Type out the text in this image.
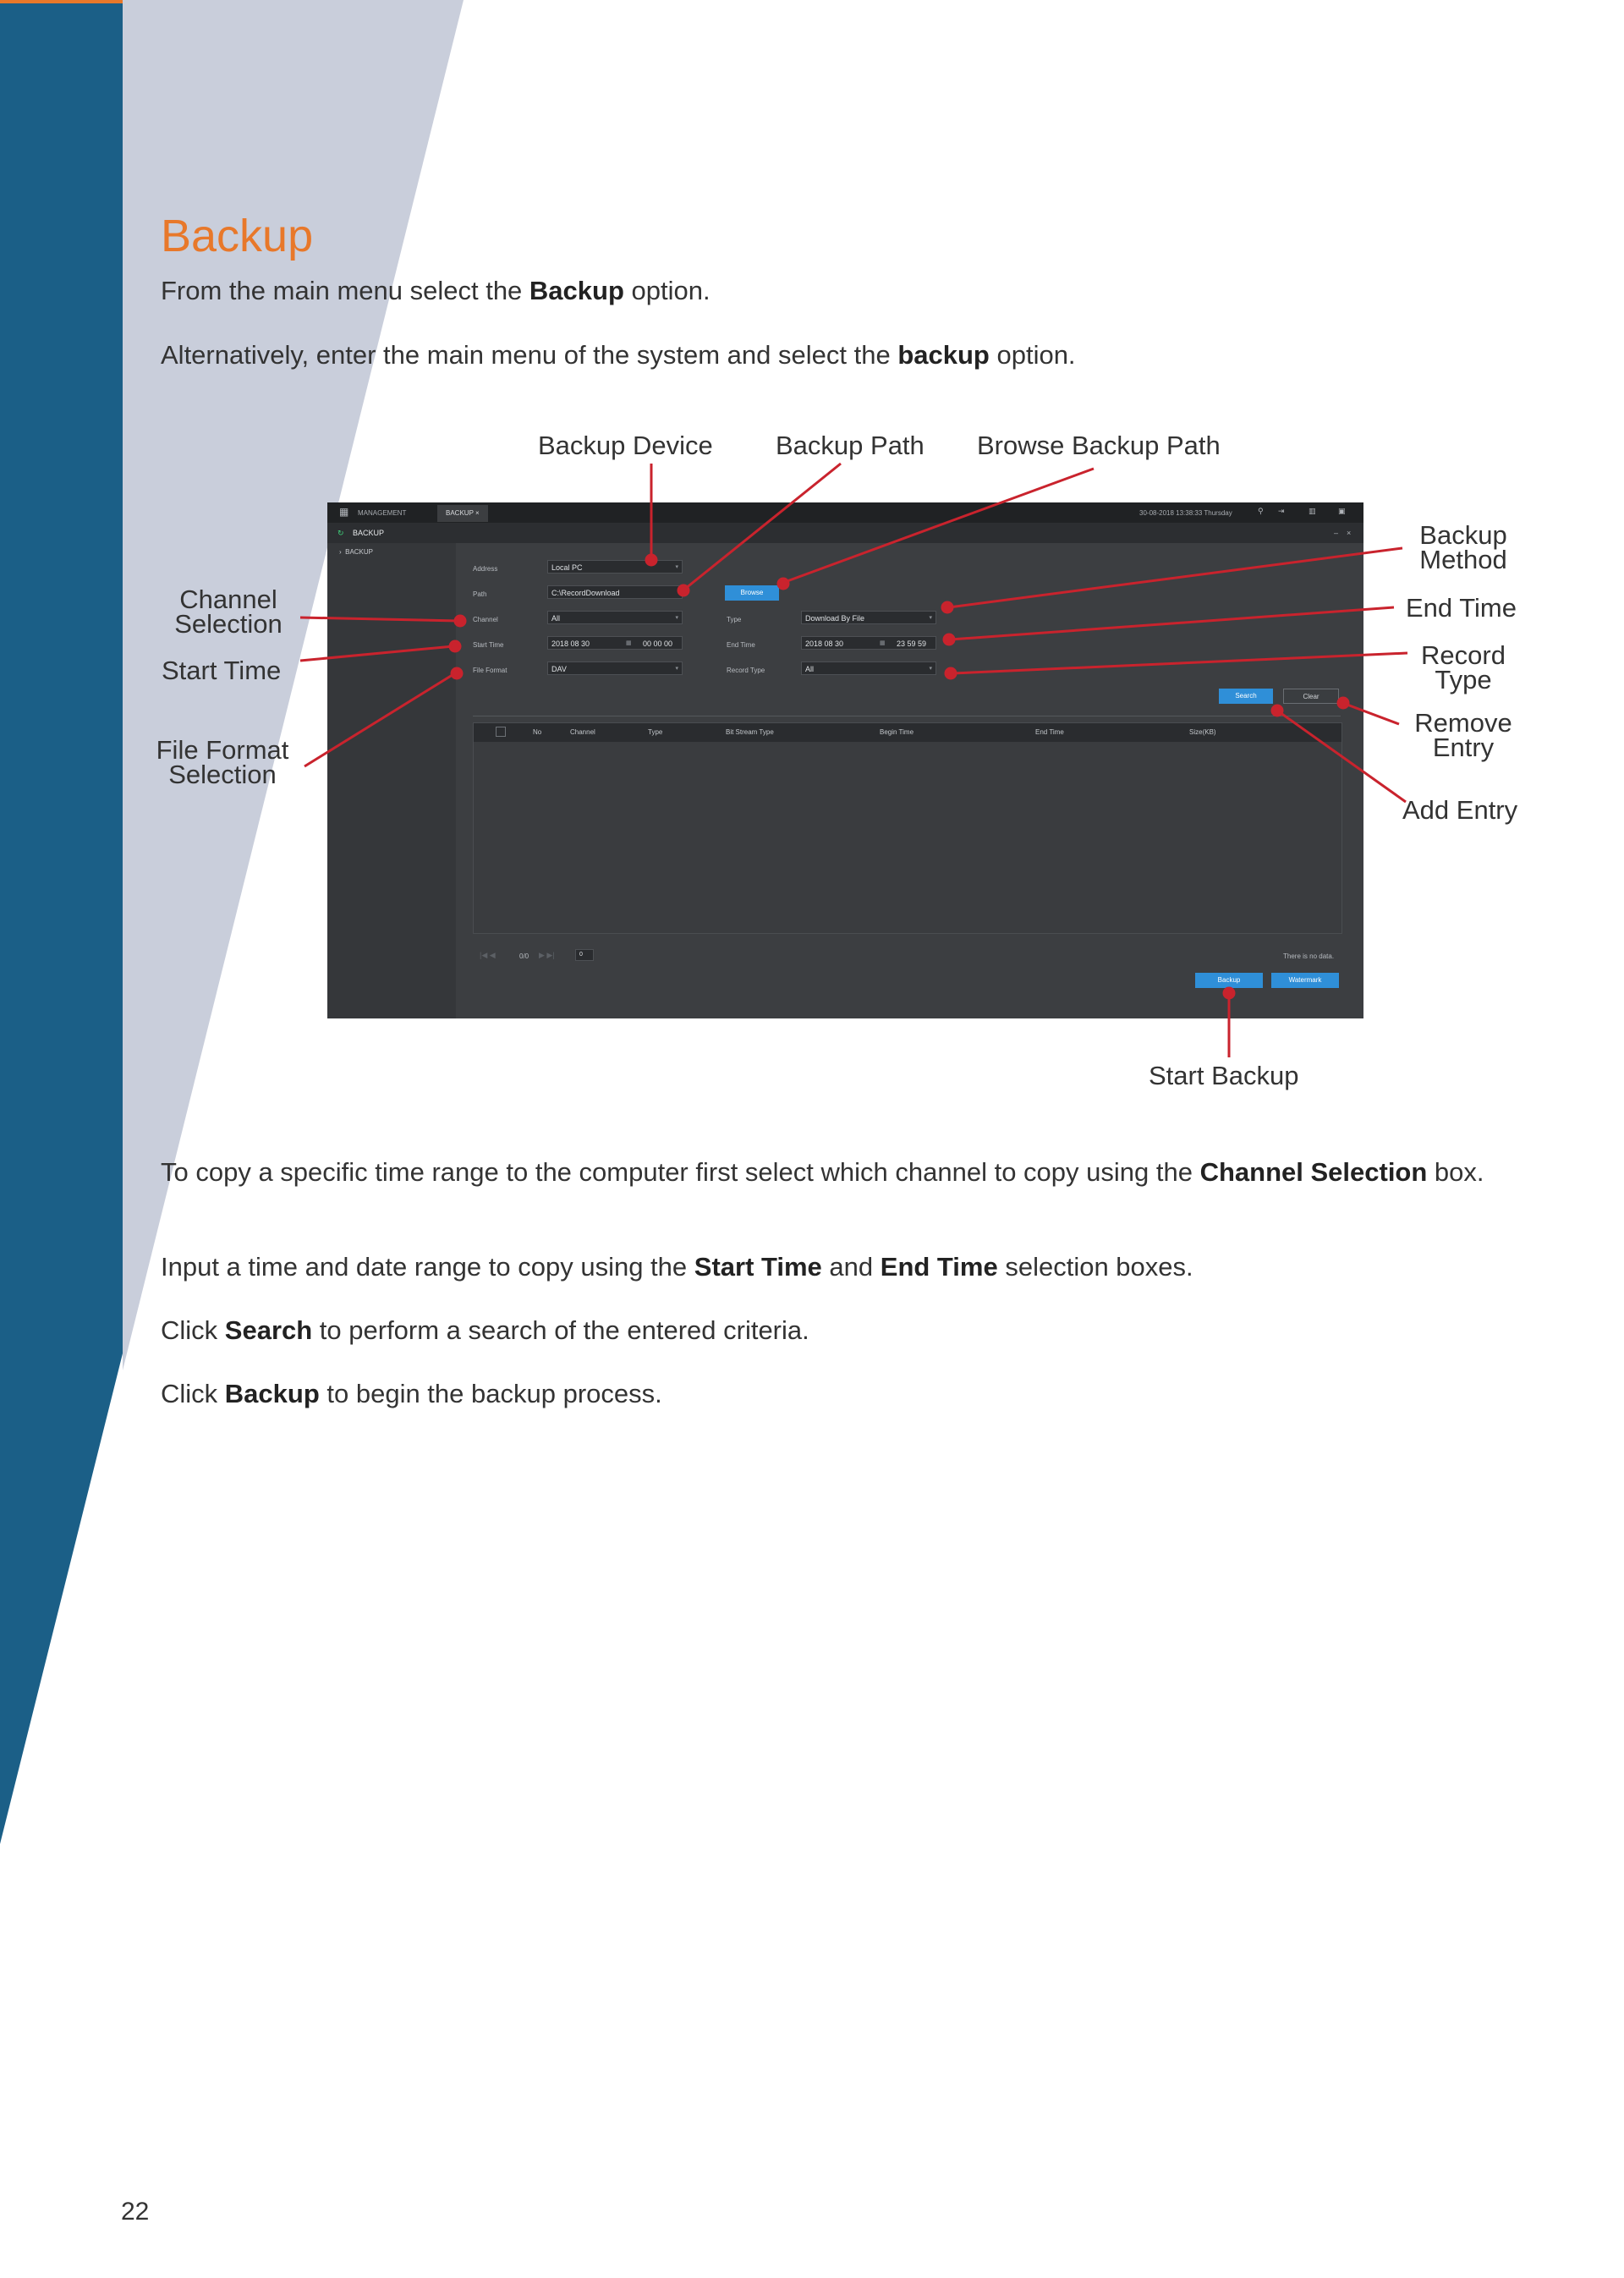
Backup
From the main menu select the Backup option.
Alternatively, enter the main menu of the system and select the backup option.
Backup Device Backup Path Browse Backup Path
Channel
Selection
Start Time
File Format
Selection
Backup
Method
End Time
Record
Type
Remove
Entry
Add Entry
Start Backup
▦ MANAGEMENT	BACKUP ×	30-08-2018 13:38:33 Thursday	⚲ ⇥	▥	▣
↻ BACKUP	– ×
›  BACKUP
Address	Local PC	▾
Path	C:\RecordDownload	Browse
Channel	All	▾	Type	Download By File	▾
Start Time	2018 08 30	▦ 00 00 00	End Time	2018 08 30	▦ 23 59 59
File Format	DAV	▾	Record Type	All	▾
Search	Clear
No	Channel	Type	Bit Stream Type	Begin Time	End Time	Size(KB)
|◀ ◀	0/0 ▶ ▶|	0	There is no data.
Backup	Watermark
To copy a specific time range to the computer first select which channel to copy using the Channel Selection box.
Input a time and date range to copy using the Start Time and End Time selection boxes.
Click Search to perform a search of the entered criteria.
Click Backup to begin the backup process.
22
